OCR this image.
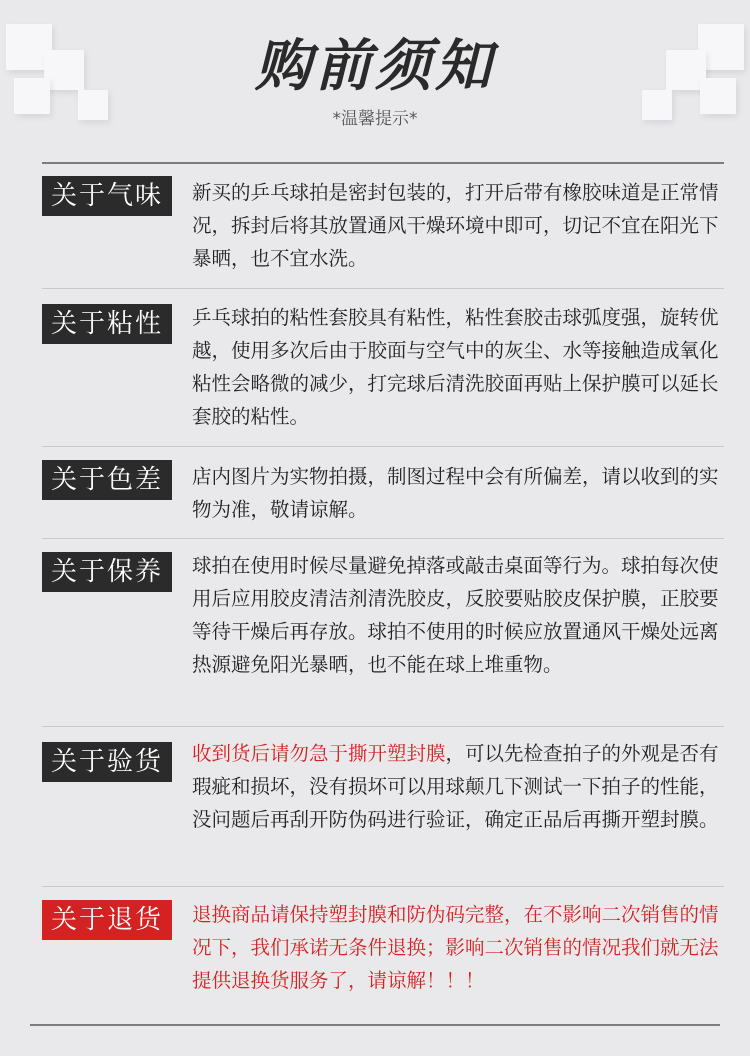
购前须知
*温馨提示*
关于气味	新买的乒乓球拍是密封包装的，打开后带有橡胶味道是正常情况，拆封后将其放置通风干燥环境中即可，切记不宜在阳光下暴晒，也不宜水洗。
关于粘性	乒乓球拍的粘性套胶具有粘性，粘性套胶击球弧度强，旋转优越，使用多次后由于胶面与空气中的灰尘、水等接触造成氧化粘性会略微的减少，打完球后清洗胶面再贴上保护膜可以延长套胶的粘性。
关于色差	店内图片为实物拍摄，制图过程中会有所偏差，请以收到的实物为准，敬请谅解。
关于保养	球拍在使用时候尽量避免掉落或敲击桌面等行为。球拍每次使用后应用胶皮清洁剂清洗胶皮，反胶要贴胶皮保护膜，正胶要等待干燥后再存放。球拍不使用的时候应放置通风干燥处远离热源避免阳光暴晒，也不能在球上堆重物。
关于验货	收到货后请勿急于撕开塑封膜，可以先检查拍子的外观是否有瑕疵和损坏，没有损坏可以用球颠几下测试一下拍子的性能，没问题后再刮开防伪码进行验证，确定正品后再撕开塑封膜。
关于退货	退换商品请保持塑封膜和防伪码完整，在不影响二次销售的情况下，我们承诺无条件退换；影响二次销售的情况我们就无法提供退换货服务了，请谅解！！！
